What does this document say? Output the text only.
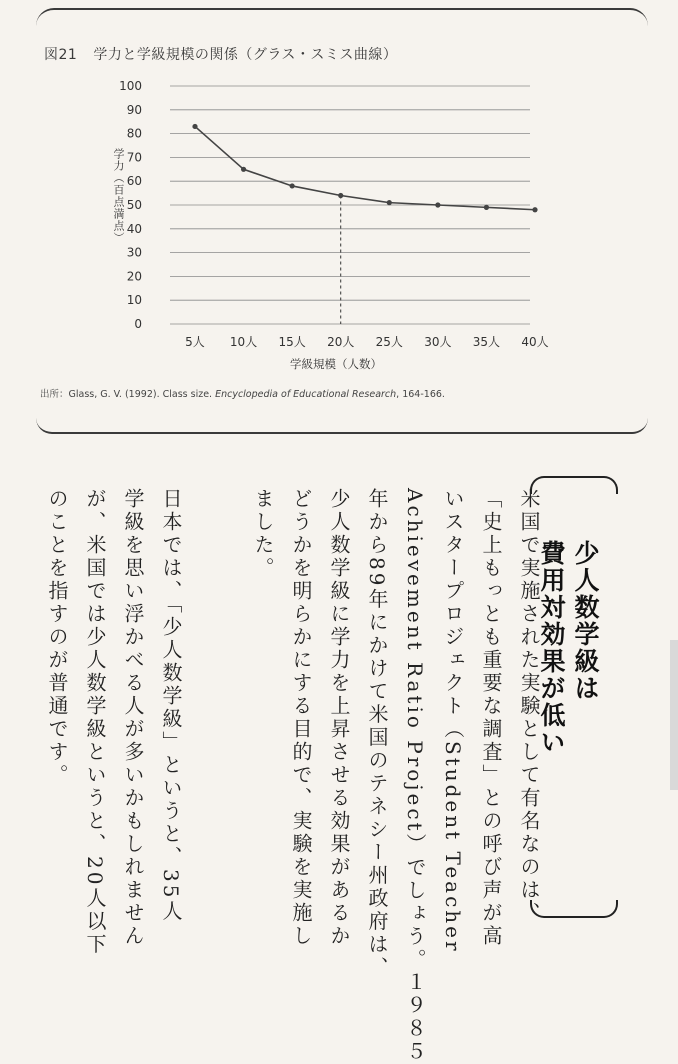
図21 学力と学級規模の関係（グラス・スミス曲線）
0
10
20
30
40
50
60
70
80
90
100
5人 10人 15人 20人 25人 30人 35人 40人
学力（百点満点）
学級規模（人数）
出所：Glass, G. V. (1992). Class size. Encyclopedia of Educational Research, 164-166.
少人数学級は
費用対効果が低い
米国で実施された実験として有名なのは、
「史上もっとも重要な調査」との呼び声が高
いスタープロジェクト（Student Teacher
Achievement Ratio Project）でしょう。１９８５
年から89年にかけて米国のテネシー州政府は、
少人数学級に学力を上昇させる効果があるか
どうかを明らかにする目的で、実験を実施し
ました。
日本では、「少人数学級」というと、35人
学級を思い浮かべる人が多いかもしれません
が、米国では少人数学級というと、20人以下
のことを指すのが普通です。
